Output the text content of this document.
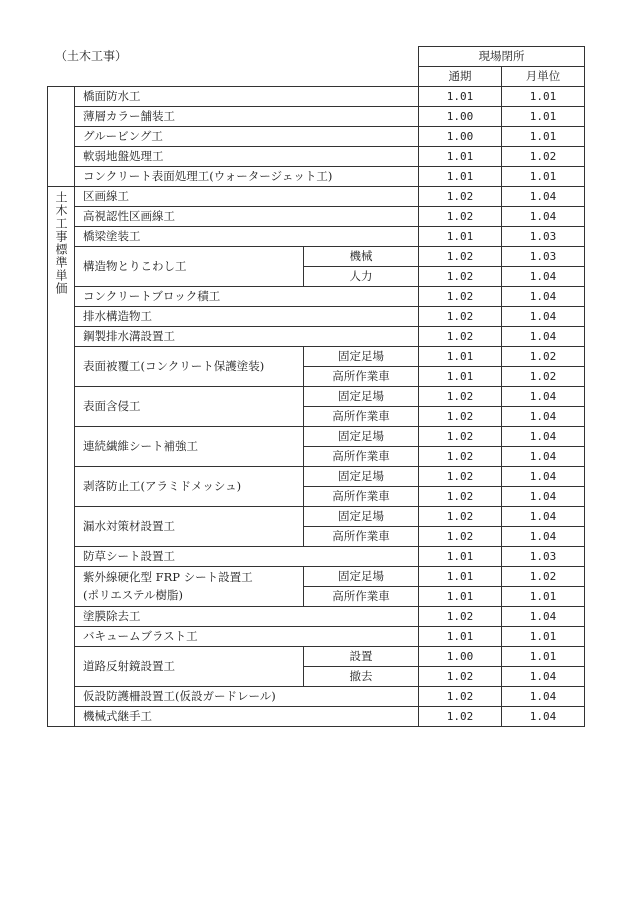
（土木工事）
			現場閉所	
			通期	月単位

	橋面防水工		1.01	1.01

	薄層カラー舗装工		1.00	1.01

	グルービング工		1.00	1.01

	軟弱地盤処理工		1.01	1.02

	コンクリート表面処理工(ウォータージェット工)		1.01	1.01
土木工事標準単価	区画線工		1.02	1.04

	高視認性区画線工		1.02	1.04

	橋梁塗装工		1.01	1.03

	構造物とりこわし工	機械	1.02	1.03
		人力	1.02	1.04

	コンクリートブロック積工		1.02	1.04

	排水構造物工		1.02	1.04

	鋼製排水溝設置工		1.02	1.04

	表面被覆工(コンクリート保護塗装)	固定足場	1.01	1.02
		高所作業車	1.01	1.02

	表面含侵工	固定足場	1.02	1.04
		高所作業車	1.02	1.04

	連続繊維シート補強工	固定足場	1.02	1.04
		高所作業車	1.02	1.04

	剥落防止工(アラミドメッシュ)	固定足場	1.02	1.04
		高所作業車	1.02	1.04

	漏水対策材設置工	固定足場	1.02	1.04
		高所作業車	1.02	1.04

	防草シート設置工		1.01	1.03

	紫外線硬化型 FRP シート設置工
(ポリエステル樹脂)	固定足場	1.01	1.02
		高所作業車	1.01	1.01

	塗膜除去工		1.02	1.04

	バキュームブラスト工		1.01	1.01

	道路反射鏡設置工	設置	1.00	1.01
		撤去	1.02	1.04

	仮設防護柵設置工(仮設ガードレール)		1.02	1.04

	機械式継手工		1.02	1.04
